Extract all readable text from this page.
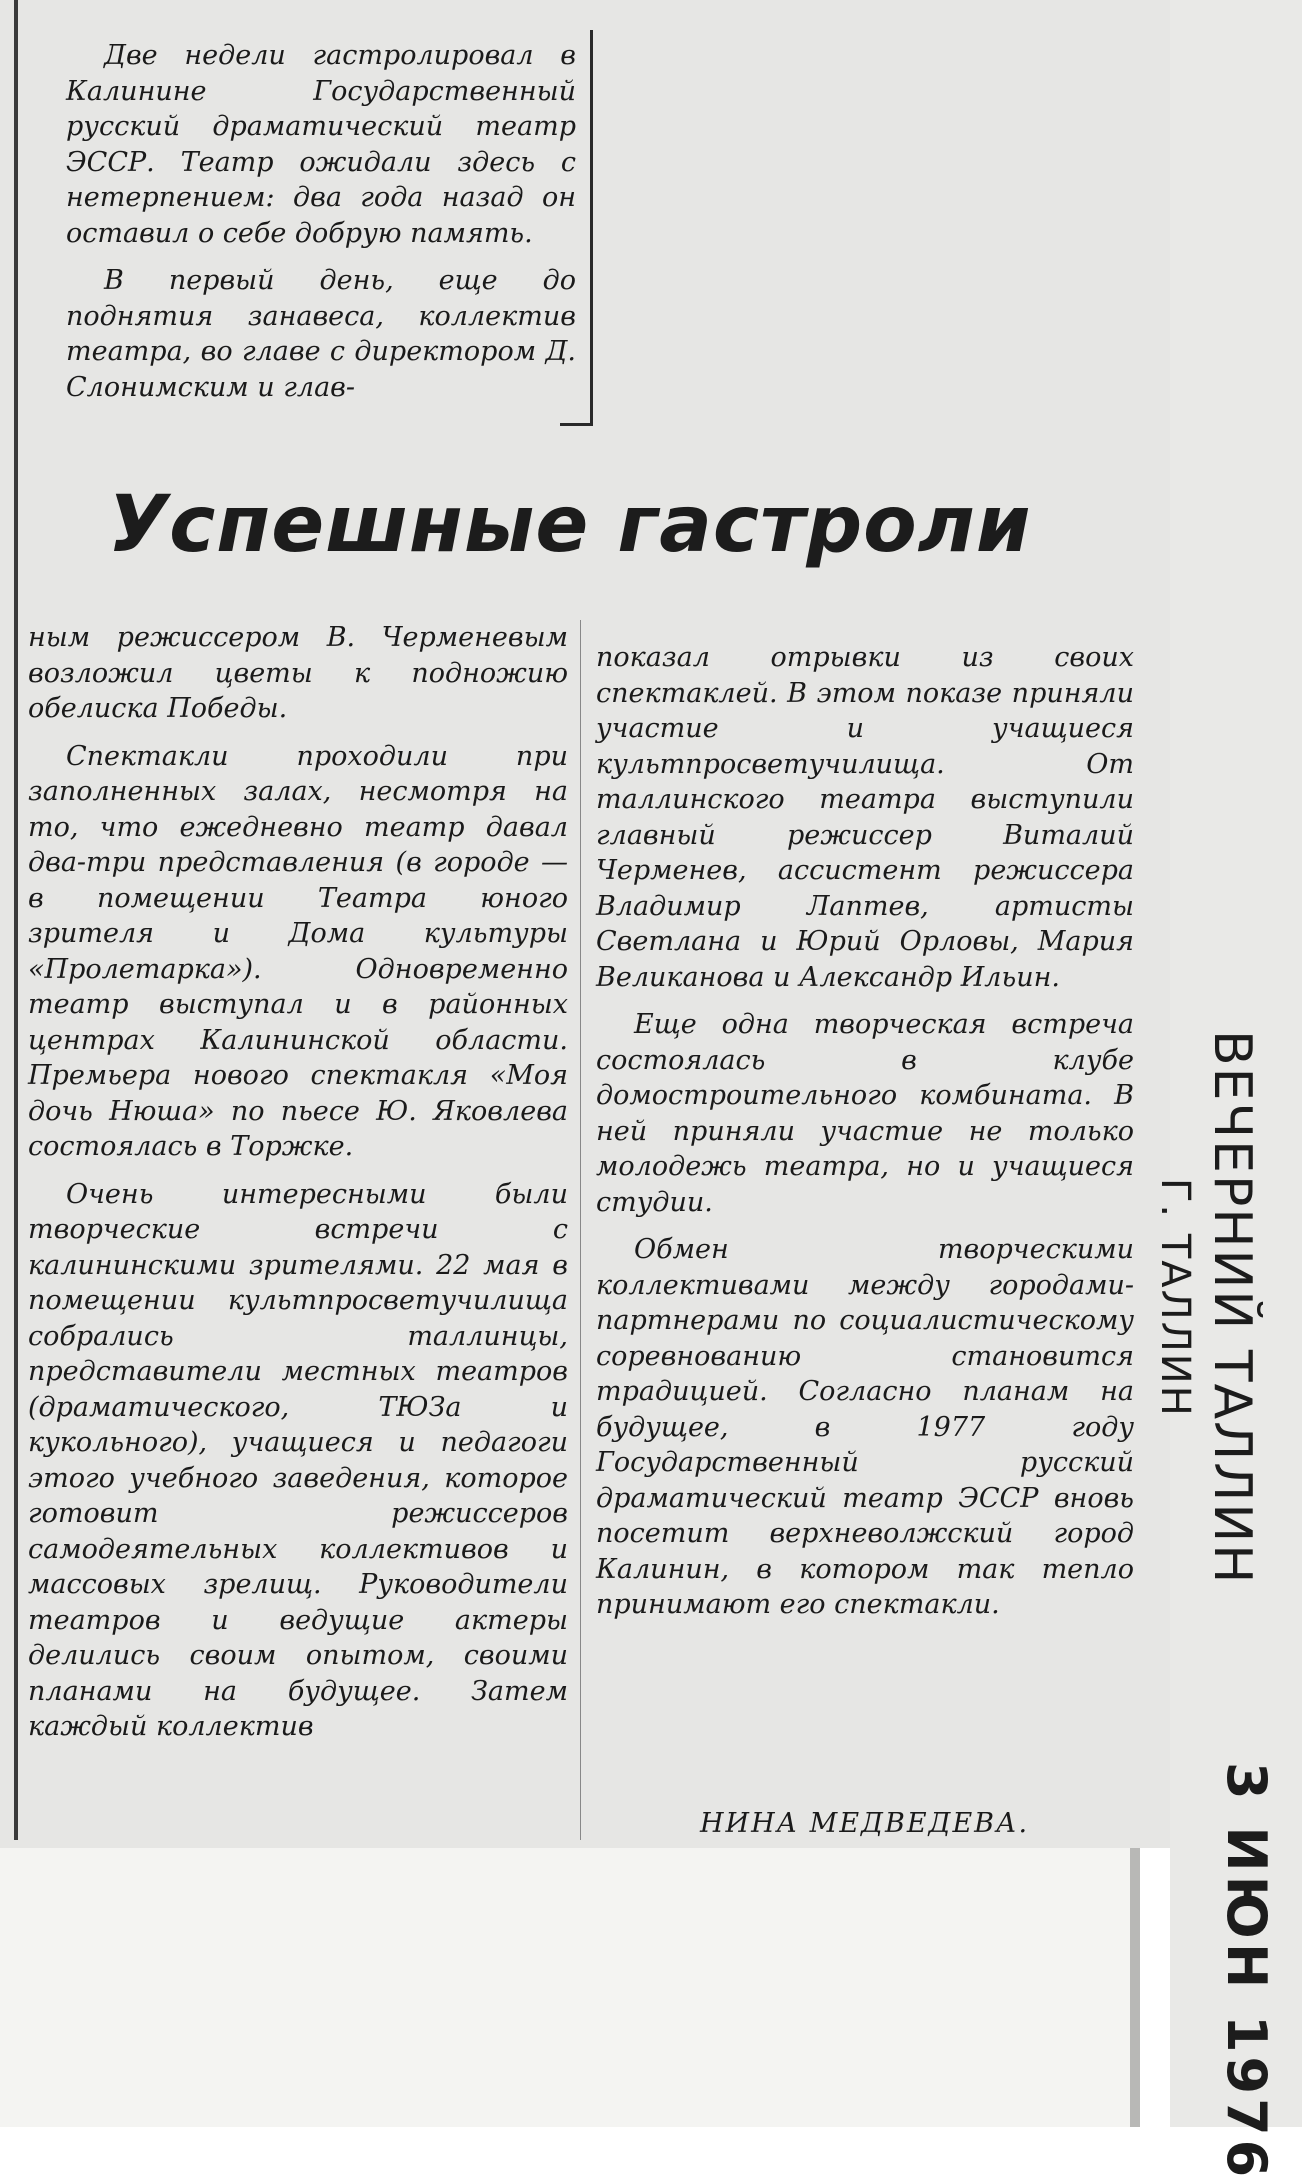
Две недели гастролировал в Калинине Государственный русский драматический театр ЭССР. Театр ожидали здесь с нетерпением: два года назад он оставил о себе добрую память.

В первый день, еще до поднятия занавеса, коллектив театра, во главе с директором Д. Слонимским и глав-

Успешные гастроли

ным режиссером В. Черменевым возложил цветы к подножию обелиска Победы.

Спектакли проходили при заполненных залах, несмотря на то, что ежедневно театр давал два-три представления (в городе — в помещении Театра юного зрителя и Дома культуры «Пролетарка»). Одновременно театр выступал и в районных центрах Калининской области. Премьера нового спектакля «Моя дочь Нюша» по пьесе Ю. Яковлева состоялась в Торжке.

Очень интересными были творческие встречи с калининскими зрителями. 22 мая в помещении культпросветучилища собрались таллинцы, представители местных театров (драматического, ТЮЗа и кукольного), учащиеся и педагоги этого учебного заведения, которое готовит режиссеров самодеятельных коллективов и массовых зрелищ. Руководители театров и ведущие актеры делились своим опытом, своими планами на будущее. Затем каждый коллектив

показал отрывки из своих спектаклей. В этом показе приняли участие и учащиеся культпросветучилища. От таллинского театра выступили главный режиссер Виталий Черменев, ассистент режиссера Владимир Лаптев, артисты Светлана и Юрий Орловы, Мария Великанова и Александр Ильин.

Еще одна творческая встреча состоялась в клубе домостроительного комбината. В ней приняли участие не только молодежь театра, но и учащиеся студии.

Обмен творческими коллективами между городами-партнерами по социалистическому соревнованию становится традицией. Согласно планам на будущее, в 1977 году Государственный русский драматический театр ЭССР вновь посетит верхневолжский город Калинин, в котором так тепло принимают его спектакли.

НИНА МЕДВЕДЕВА.
ВЕЧЕРНИЙ ТАЛЛИН
Г. ТАЛЛИН
3 ИЮН 1976
